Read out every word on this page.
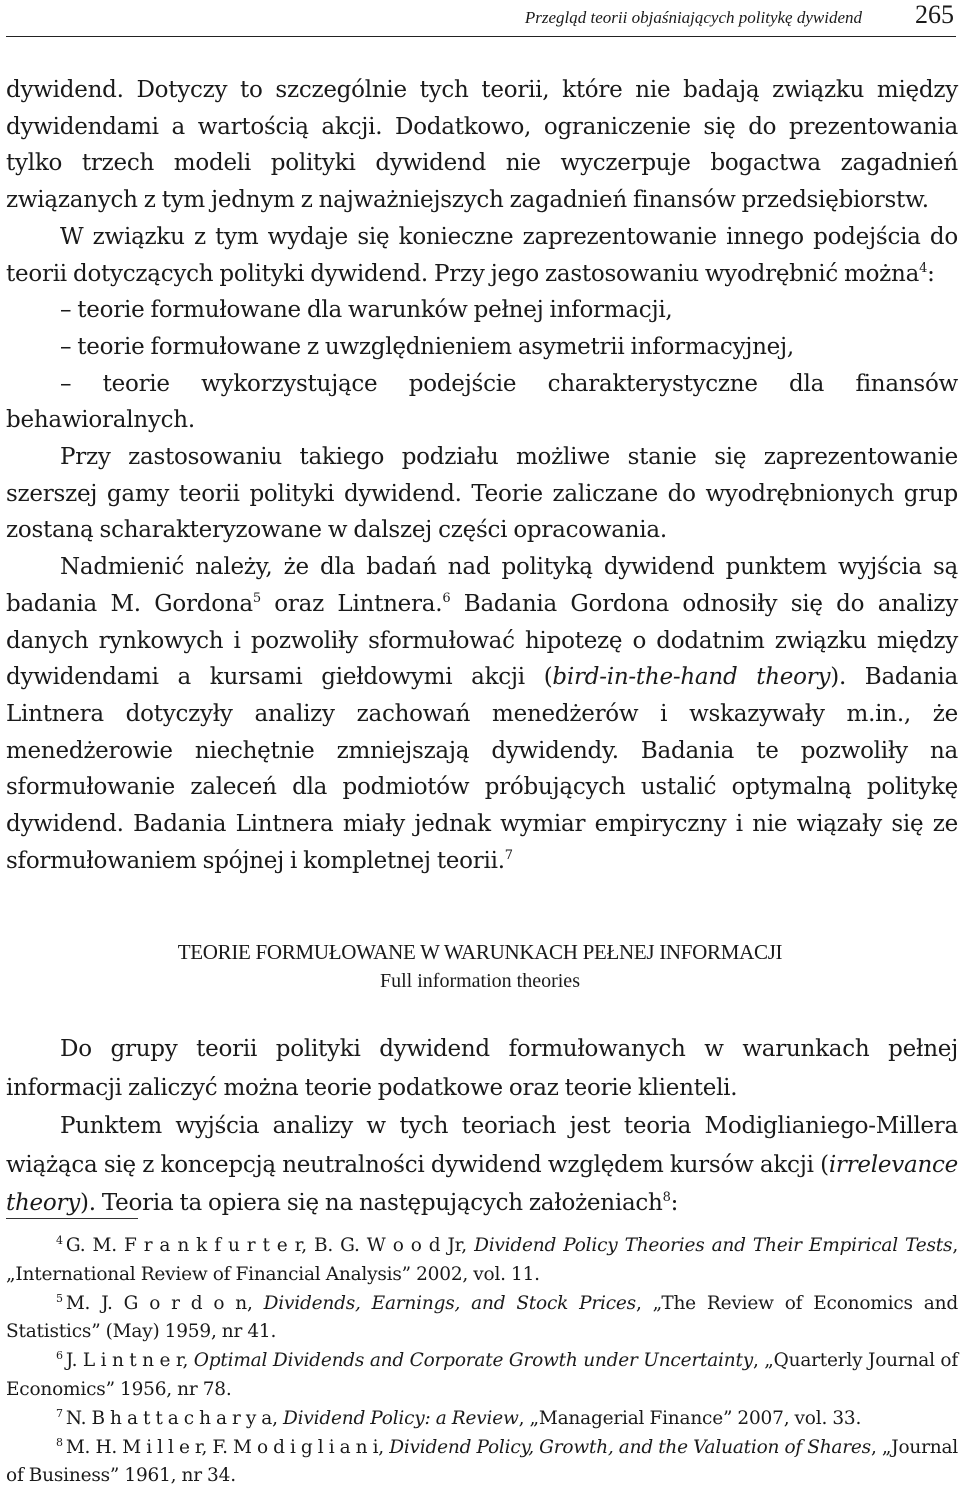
Przegląd teorii objaśniających politykę dywidend 265

dywidend. Dotyczy to szczególnie tych teorii, które nie badają związku między dywidendami a wartością akcji. Dodatkowo, ograniczenie się do prezentowania tylko trzech modeli polityki dywidend nie wyczerpuje bogactwa zagadnień związanych z tym jednym z najważniejszych zagadnień finansów przedsiębiorstw.

W związku z tym wydaje się konieczne zaprezentowanie innego podejścia do teorii dotyczących polityki dywidend. Przy jego zastosowaniu wyodrębnić można$^4$:

– teorie formułowane dla warunków pełnej informacji,

– teorie formułowane z uwzględnieniem asymetrii informacyjnej,

– teorie wykorzystujące podejście charakterystyczne dla finansów behawioralnych.

Przy zastosowaniu takiego podziału możliwe stanie się zaprezentowanie szerszej gamy teorii polityki dywidend. Teorie zaliczane do wyodrębnionych grup zostaną scharakteryzowane w dalszej części opracowania.

Nadmienić należy, że dla badań nad polityką dywidend punktem wyjścia są badania M. Gordona$^5$ oraz Lintnera.$^6$ Badania Gordona odnosiły się do analizy danych rynkowych i pozwoliły sformułować hipotezę o dodatnim związku między dywidendami a kursami giełdowymi akcji (bird-in-the-hand theory). Badania Lintnera dotyczyły analizy zachowań menedżerów i wskazywały m.in., że menedżerowie niechętnie zmniejszają dywidendy. Badania te pozwoliły na sformułowanie zaleceń dla podmiotów próbujących ustalić optymalną politykę dywidend. Badania Lintnera miały jednak wymiar empiryczny i nie wiązały się ze sformułowaniem spójnej i kompletnej teorii.$^7$

TEORIE FORMUŁOWANE W WARUNKACH PEŁNEJ INFORMACJI
Full information theories

Do grupy teorii polityki dywidend formułowanych w warunkach pełnej informacji zaliczyć można teorie podatkowe oraz teorie klienteli.

Punktem wyjścia analizy w tych teoriach jest teoria Modiglianiego-Millera wiążąca się z koncepcją neutralności dywidend względem kursów akcji (irrelevance theory). Teoria ta opiera się na następujących założeniach$^8$:

$^4$ G. M. F r a n k f u r t e r, B. G. W o o d Jr, Dividend Policy Theories and Their Empirical Tests, „International Review of Financial Analysis” 2002, vol. 11.

$^5$ M. J. G o r d o n, Dividends, Earnings, and Stock Prices, „The Review of Economics and Statistics” (May) 1959, nr 41.

$^6$ J. L i n t n e r, Optimal Dividends and Corporate Growth under Uncertainty, „Quarterly Journal of Economics” 1956, nr 78.

$^7$ N. B h a t t a c h a r y a, Dividend Policy: a Review, „Managerial Finance” 2007, vol. 33.

$^8$ M. H. M i l l e r, F. M o d i g l i a n i, Dividend Policy, Growth, and the Valuation of Shares, „Journal of Business” 1961, nr 34.
